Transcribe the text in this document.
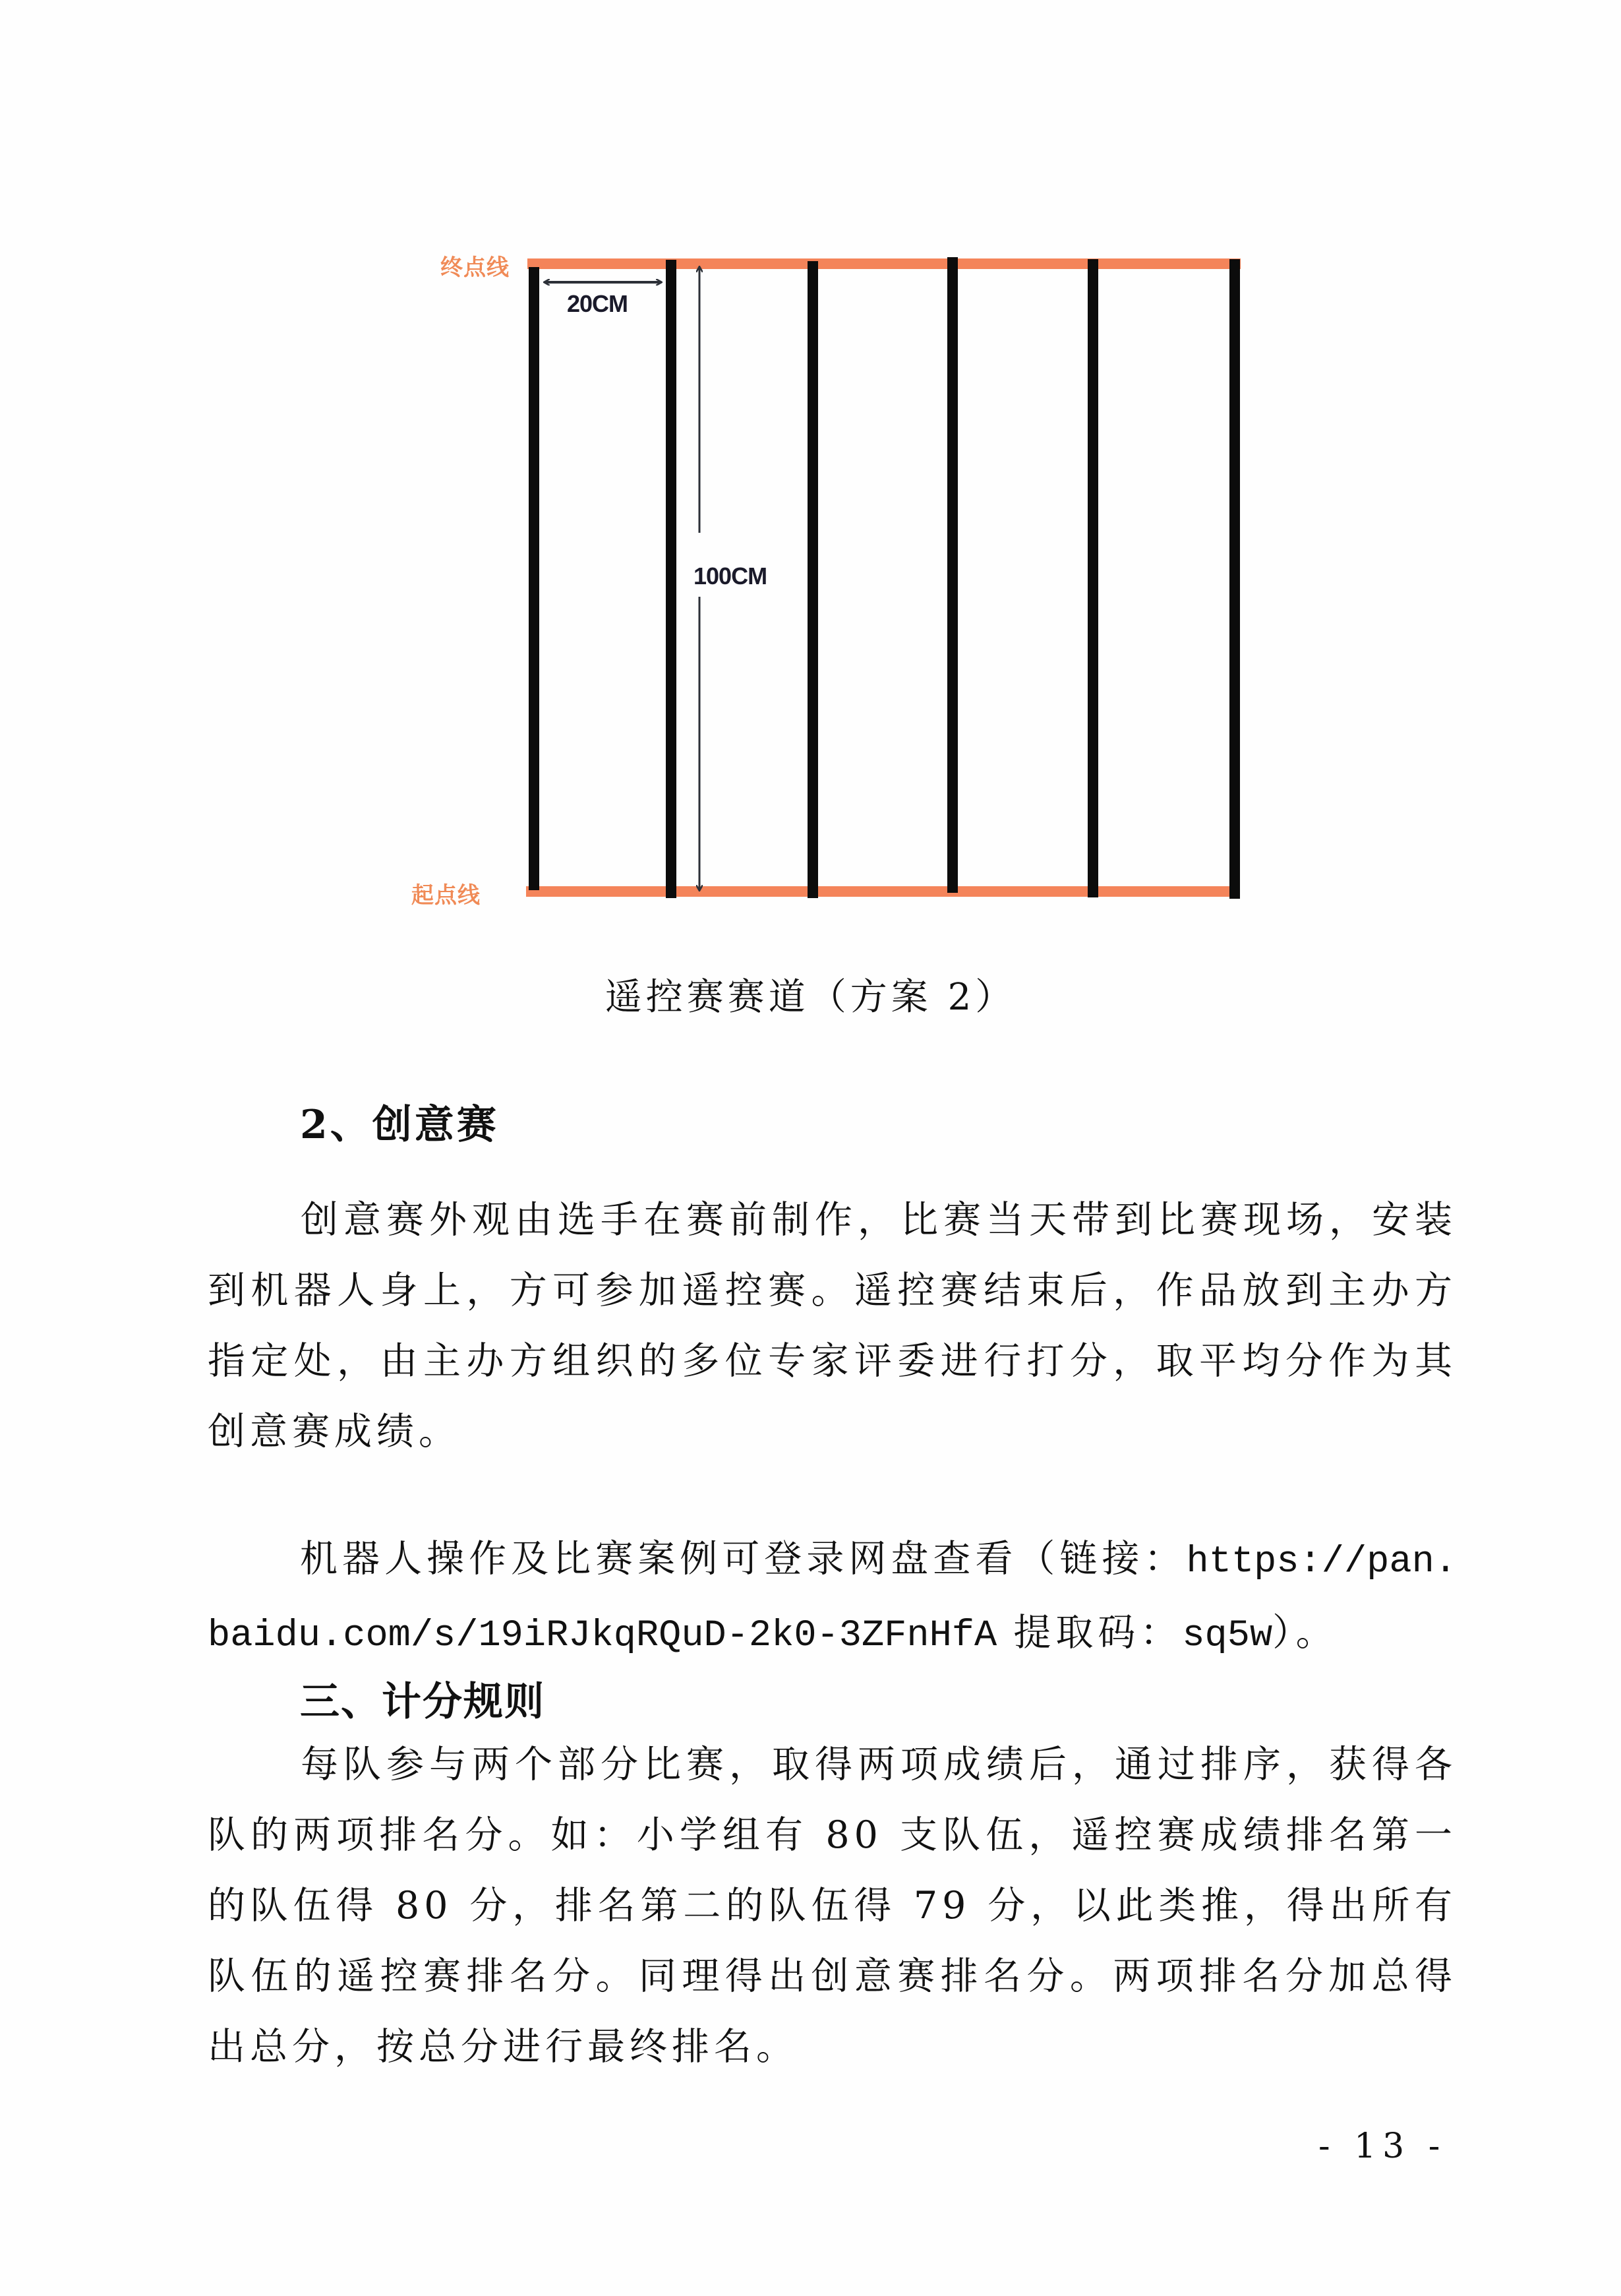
终点线
起点线
20CM
100CM
遥控赛赛道（方案 2）
2、创意赛
创意赛外观由选手在赛前制作，比赛当天带到比赛现场，安装到机器人身上，方可参加遥控赛。遥控赛结束后，作品放到主办方指定处，由主办方组织的多位专家评委进行打分，取平均分作为其创意赛成绩。
机器人操作及比赛案例可登录网盘查看（链接：https://pan.baidu.com/s/19iRJkqRQuD-2k0-3ZFnHfA 提取码：sq5w）。
三、计分规则
每队参与两个部分比赛，取得两项成绩后，通过排序，获得各队的两项排名分。如：小学组有 80 支队伍，遥控赛成绩排名第一的队伍得 80 分，排名第二的队伍得 79 分，以此类推，得出所有队伍的遥控赛排名分。同理得出创意赛排名分。两项排名分加总得出总分，按总分进行最终排名。
- 13 -
